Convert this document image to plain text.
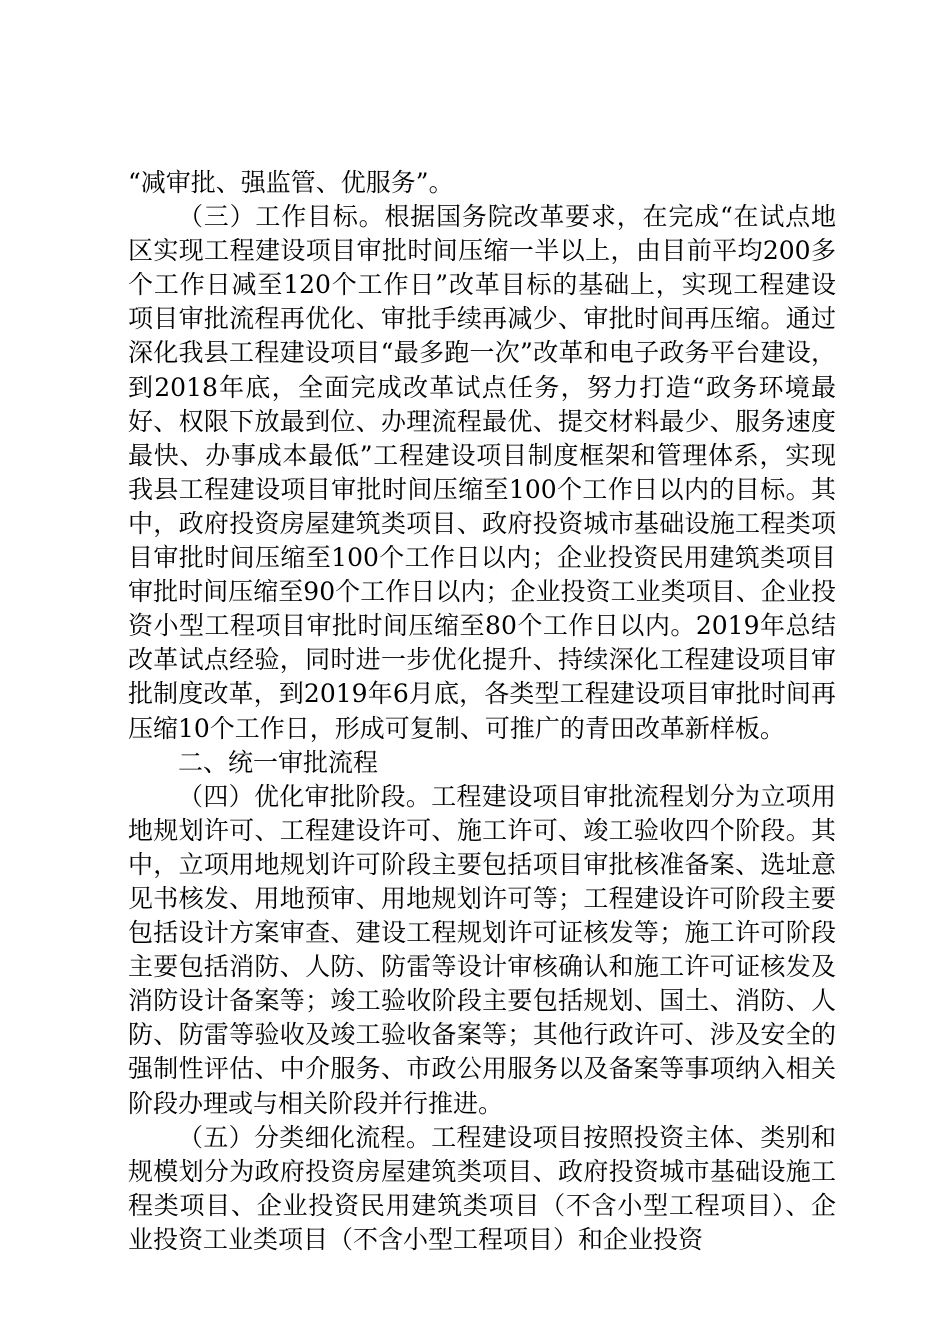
“减审批、强监管、优服务”。

（三）工作目标。根据国务院改革要求，在完成“在试点地区实现工程建设项目审批时间压缩一半以上，由目前平均200多个工作日减至120个工作日”改革目标的基础上，实现工程建设项目审批流程再优化、审批手续再减少、审批时间再压缩。通过深化我县工程建设项目“最多跑一次”改革和电子政务平台建设，到2018年底，全面完成改革试点任务，努力打造“政务环境最好、权限下放最到位、办理流程最优、提交材料最少、服务速度最快、办事成本最低”工程建设项目制度框架和管理体系，实现我县工程建设项目审批时间压缩至100个工作日以内的目标。其中，政府投资房屋建筑类项目、政府投资城市基础设施工程类项目审批时间压缩至100个工作日以内；企业投资民用建筑类项目审批时间压缩至90个工作日以内；企业投资工业类项目、企业投资小型工程项目审批时间压缩至80个工作日以内。2019年总结改革试点经验，同时进一步优化提升、持续深化工程建设项目审批制度改革，到2019年6月底，各类型工程建设项目审批时间再压缩10个工作日，形成可复制、可推广的青田改革新样板。

二、统一审批流程

（四）优化审批阶段。工程建设项目审批流程划分为立项用地规划许可、工程建设许可、施工许可、竣工验收四个阶段。其中，立项用地规划许可阶段主要包括项目审批核准备案、选址意见书核发、用地预审、用地规划许可等；工程建设许可阶段主要包括设计方案审查、建设工程规划许可证核发等；施工许可阶段主要包括消防、人防、防雷等设计审核确认和施工许可证核发及消防设计备案等；竣工验收阶段主要包括规划、国土、消防、人防、防雷等验收及竣工验收备案等；其他行政许可、涉及安全的强制性评估、中介服务、市政公用服务以及备案等事项纳入相关阶段办理或与相关阶段并行推进。

（五）分类细化流程。工程建设项目按照投资主体、类别和规模划分为政府投资房屋建筑类项目、政府投资城市基础设施工程类项目、企业投资民用建筑类项目（不含小型工程项目）、企业投资工业类项目（不含小型工程项目）和企业投资
